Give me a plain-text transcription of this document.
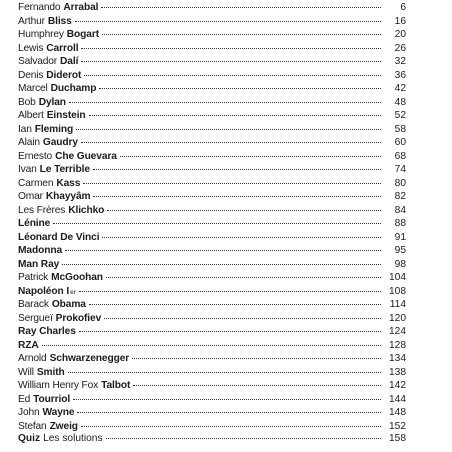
Fernando Arrabal	6
Arthur Bliss	16
Humphrey Bogart	20
Lewis Carroll	26
Salvador Dalí	32
Denis Diderot	36
Marcel Duchamp	42
Bob Dylan	48
Albert Einstein	52
Ian Fleming	58
Alain Gaudry	60
Ernesto Che Guevara	68
Ivan Le Terrible	74
Carmen Kass	80
Omar Khayyâm	82
Les Frères Klichko	84
Lénine	88
Léonard De Vinci	91
Madonna	95
Man Ray	98
Patrick McGoohan	104
Napoléon I er	108
Barack Obama	114
Sergueï Prokofiev	120
Ray Charles	124
RZA	128
Arnold Schwarzenegger	134
Will Smith	138
William Henry Fox Talbot	142
Ed Tourriol	144
John Wayne	148
Stefan Zweig	152
Quiz Les solutions	158
